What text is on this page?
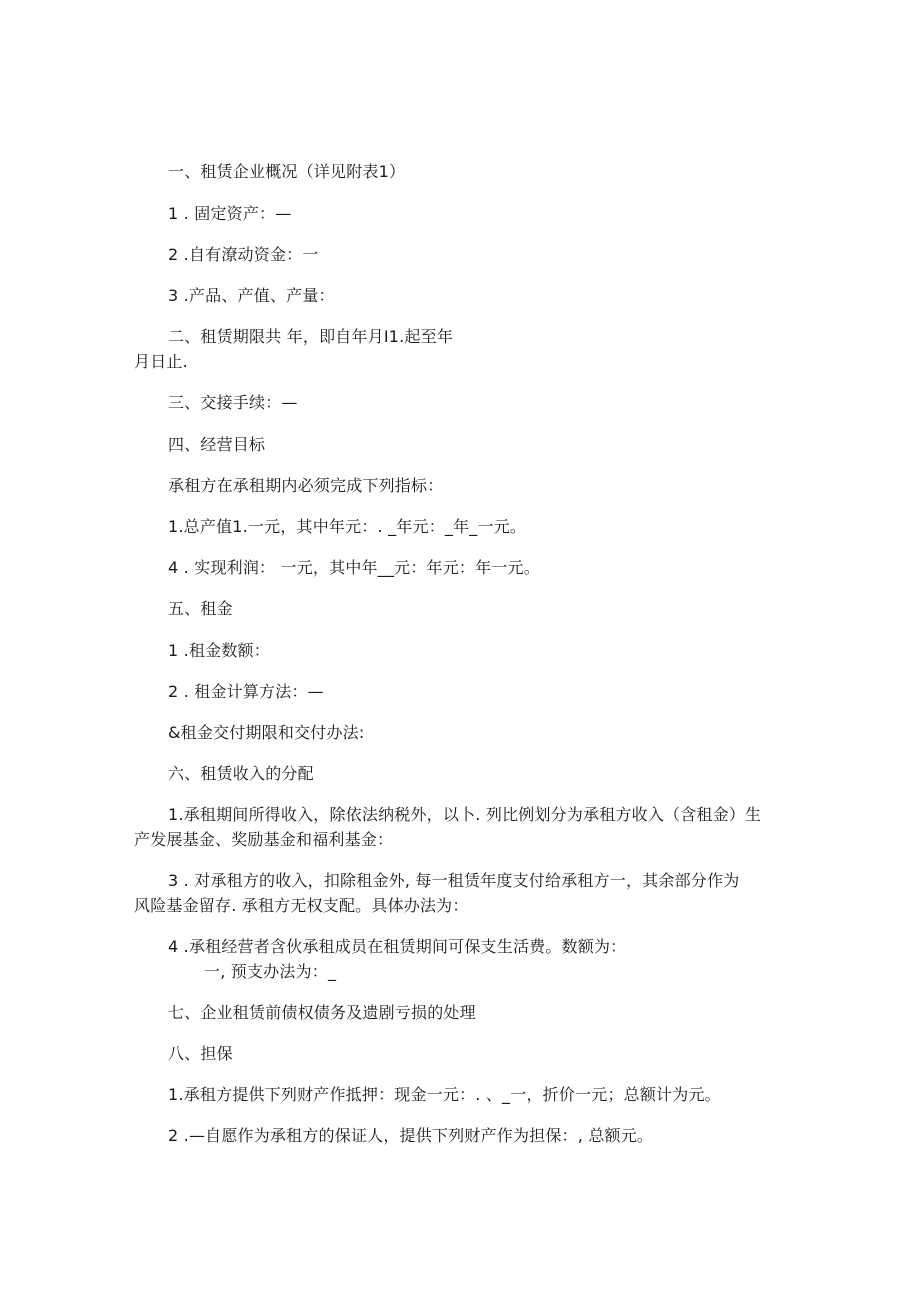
一、租赁企业概况（详见附表1）
1 . 固定资产：—
2 .自有潦动资金：一
3 .产品、产值、产量：
二、租赁期限共 年，即自年月I1.起至年
月日止.
三、交接手续：—
四、经营目标
承租方在承租期内必须完成下列指标：
1.总产值1.一元，其中年元：. _年元：_年_一元。
4 . 实现利润： 一元，其中年__元：年元：年一元。
五、租金
1 .租金数额：
2 . 租金计算方法：—
&租金交付期限和交付办法:
六、租赁收入的分配
1.承租期间所得收入，除依法纳税外，以卜. 列比例划分为承租方收入（含租金）生
产发展基金、奖励基金和福利基金：
3 . 对承租方的收入，扣除租金外, 每一租赁年度支付给承租方一，其余部分作为
风险基金留存. 承租方无权支配。具体办法为：
4 .承租经营者含伙承租成员在租赁期间可保支生活费。数额为：
一, 预支办法为：_
七、企业租赁前债权债务及遗剧亏损的处理
八、担保
1.承租方提供下列财产作抵押：现金一元：. 、_一，折价一元；总额计为元。
2 .—自愿作为承租方的保证人，提供下列财产作为担保：, 总额元。
